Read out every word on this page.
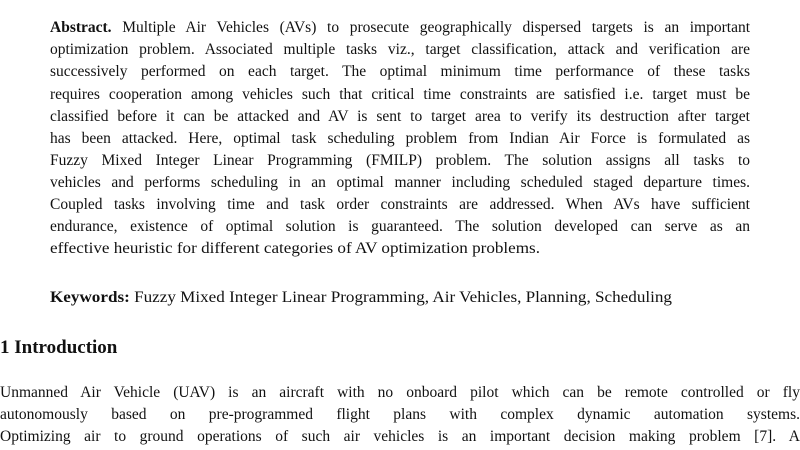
Abstract. Multiple Air Vehicles (AVs) to prosecute geographically dispersed targets is an important
optimization problem. Associated multiple tasks viz., target classification, attack and verification are
successively performed on each target. The optimal minimum time performance of these tasks
requires cooperation among vehicles such that critical time constraints are satisfied i.e. target must be
classified before it can be attacked and AV is sent to target area to verify its destruction after target
has been attacked. Here, optimal task scheduling problem from Indian Air Force is formulated as
Fuzzy Mixed Integer Linear Programming (FMILP) problem. The solution assigns all tasks to
vehicles and performs scheduling in an optimal manner including scheduled staged departure times.
Coupled tasks involving time and task order constraints are addressed. When AVs have sufficient
endurance, existence of optimal solution is guaranteed. The solution developed can serve as an
effective heuristic for different categories of AV optimization problems.
Keywords: Fuzzy Mixed Integer Linear Programming, Air Vehicles, Planning, Scheduling
1 Introduction
Unmanned Air Vehicle (UAV) is an aircraft with no onboard pilot which can be remote controlled or fly
autonomously based on pre-programmed flight plans with complex dynamic automation systems.
Optimizing air to ground operations of such air vehicles is an important decision making problem [7]. A
